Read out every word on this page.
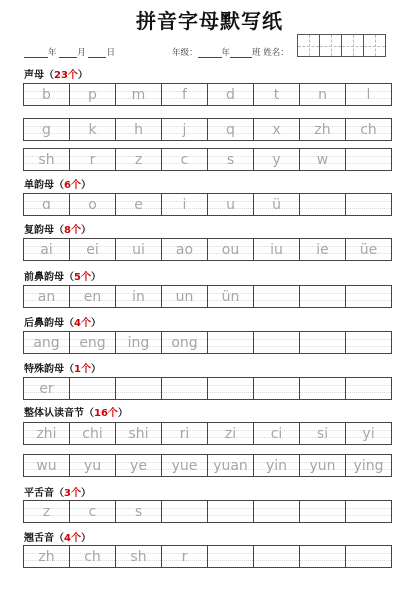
拼音字母默写纸
年 月 日	年级：	年	班 姓名：
声母（23个）
b	p	m	f	d	t	n	l
g	k	h	j	q	x	zh	ch
sh	r	z	c	s	y	w
单韵母（6个）
ɑ	o	e	i	u	ü
复韵母（8个）
ai	ei	ui	ao	ou	iu	ie	üe
前鼻韵母（5个）
an	en	in	un	ün
后鼻韵母（4个）
ang	eng	ing	ong
特殊韵母（1个）
er
整体认读音节（16个）
zhi	chi	shi	ri	zi	ci	si	yi
wu	yu	ye	yue	yuan	yin	yun	ying
平舌音（3个）
z	c	s
翘舌音（4个）
zh	ch	sh	r
